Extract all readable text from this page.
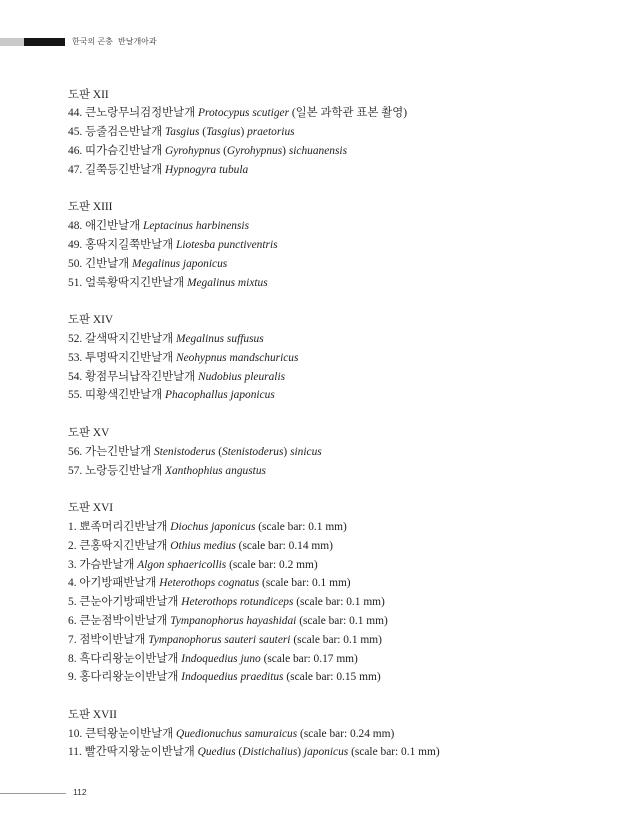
한국의 곤충 반날개아과
도판 XII
44. 큰노랑무늬검정반날개 Protocypus scutiger (일본 과학관 표본 촬영)
45. 등줄검은반날개 Tasgius (Tasgius) praetorius
46. 띠가슴긴반날개 Gyrohypnus (Gyrohypnus) sichuanensis
47. 길쭉등긴반날개 Hypnogyra tubula
도판 XIII
48. 애긴반날개 Leptacinus harbinensis
49. 홍딱지길쭉반날개 Liotesba punctiventris
50. 긴반날개 Megalinus japonicus
51. 얼룩황딱지긴반날개 Megalinus mixtus
도판 XIV
52. 갈색딱지긴반날개 Megalinus suffusus
53. 투명딱지긴반날개 Neohypnus mandschuricus
54. 황점무늬납작긴반날개 Nudobius pleuralis
55. 띠황색긴반날개 Phacophallus japonicus
도판 XV
56. 가는긴반날개 Stenistoderus (Stenistoderus) sinicus
57. 노랑등긴반날개 Xanthophius angustus
도판 XVI
1. 뾰족머리긴반날개 Diochus japonicus (scale bar: 0.1 mm)
2. 큰홍딱지긴반날개 Othius medius (scale bar: 0.14 mm)
3. 가슴반날개 Algon sphaericollis (scale bar: 0.2 mm)
4. 아기방패반날개 Heterothops cognatus (scale bar: 0.1 mm)
5. 큰눈아기방패반날개 Heterothops rotundiceps (scale bar: 0.1 mm)
6. 큰눈점박이반날개 Tympanophorus hayashidai (scale bar: 0.1 mm)
7. 점박이반날개 Tympanophorus sauteri sauteri (scale bar: 0.1 mm)
8. 흑다리왕눈이반날개 Indoquedius juno (scale bar: 0.17 mm)
9. 홍다리왕눈이반날개 Indoquedius praeditus (scale bar: 0.15 mm)
도판 XVII
10. 큰턱왕눈이반날개 Quedionuchus samuraicus (scale bar: 0.24 mm)
11. 빨간딱지왕눈이반날개 Quedius (Distichalius) japonicus (scale bar: 0.1 mm)
112
